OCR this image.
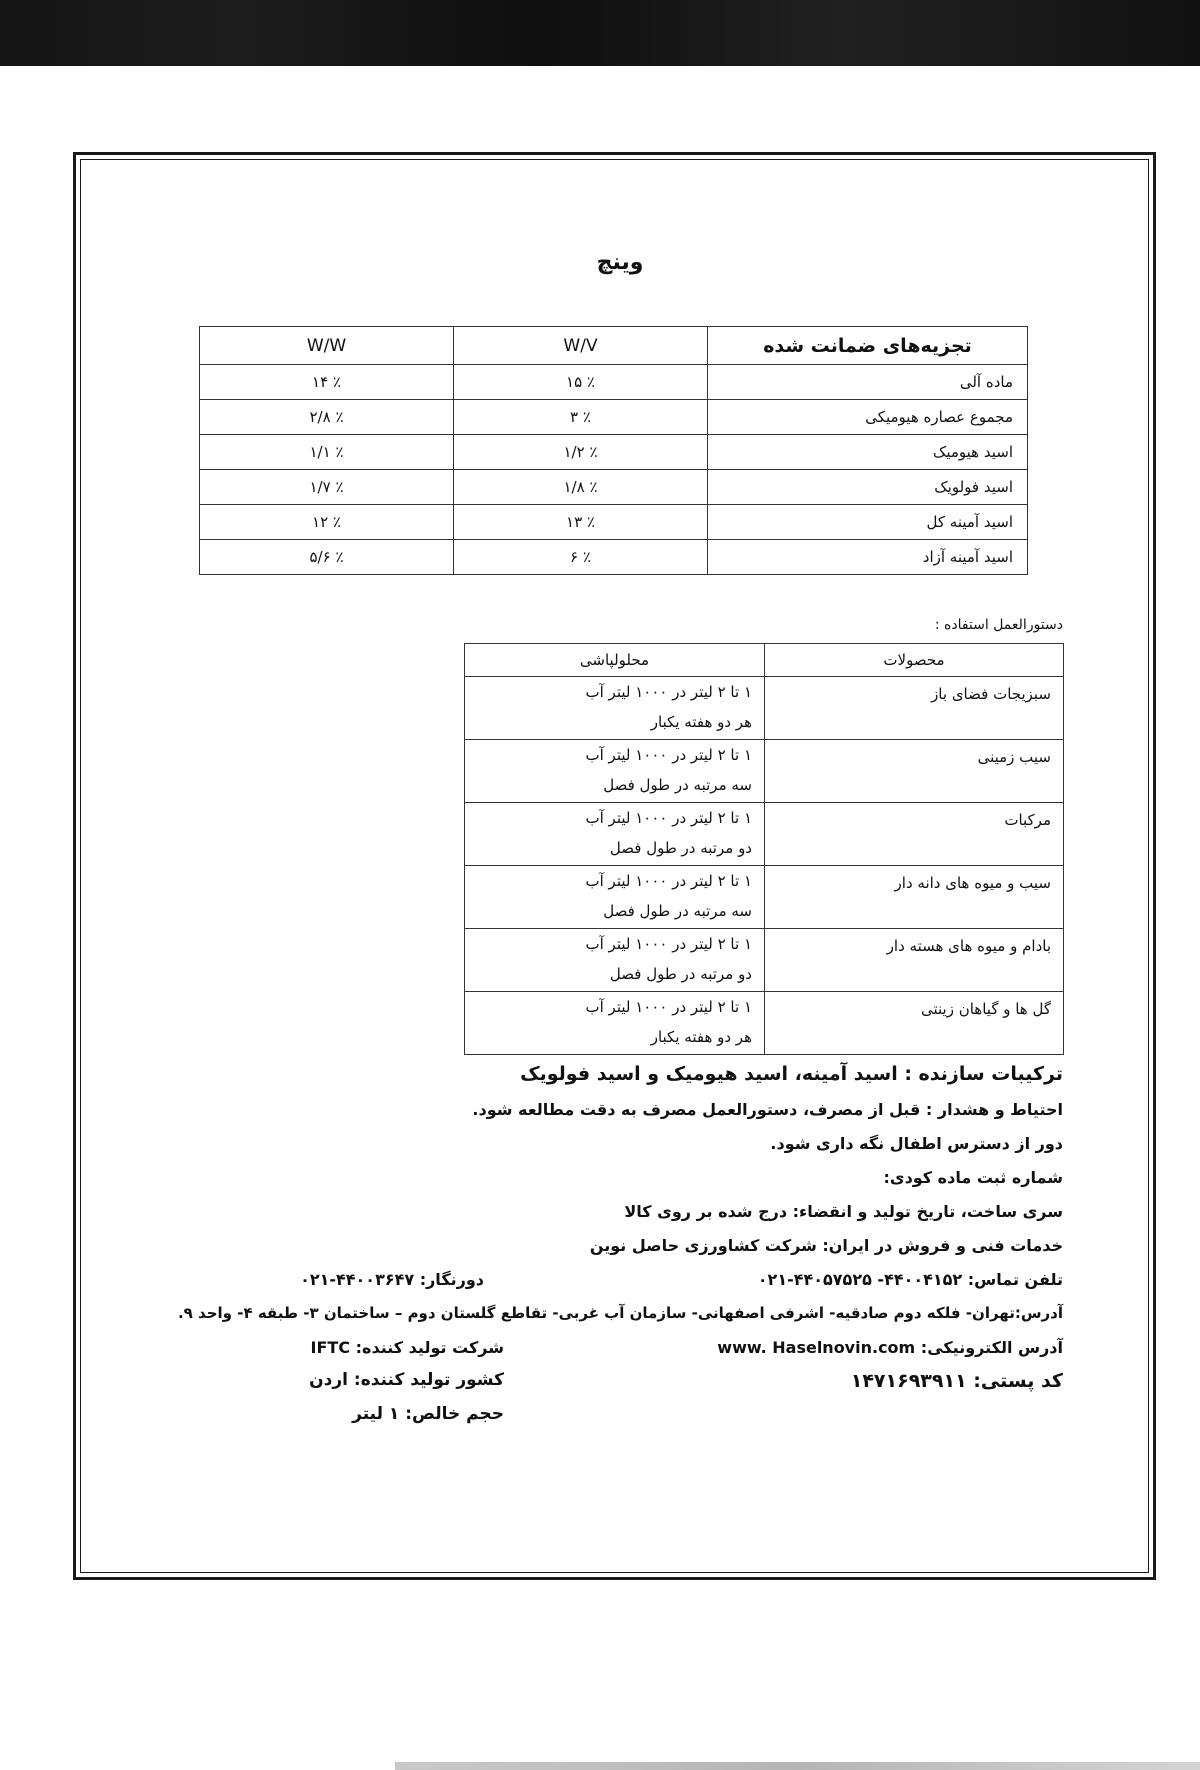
وینچ
تجزیه‌های ضمانت شده	W/V	W/W
ماده آلی	٪ ۱۵	٪ ۱۴
مجموع عصاره هیومیکی	٪ ۳	٪ ۲/۸
اسید هیومیک	٪ ۱/۲	٪ ۱/۱
اسید فولویک	٪ ۱/۸	٪ ۱/۷
اسید آمینه کل	٪ ۱۳	٪ ۱۲
اسید آمینه آزاد	٪ ۶	٪ ۵/۶
دستورالعمل استفاده :
محصولات	محلولپاشی

سبزیجات فضای باز	۱ تا ۲ لیتر در ۱۰۰۰ لیتر آب
هر دو هفته یکبار

سیب زمینی	۱ تا ۲ لیتر در ۱۰۰۰ لیتر آب
سه مرتبه در طول فصل

مرکبات	۱ تا ۲ لیتر در ۱۰۰۰ لیتر آب
دو مرتبه در طول فصل

سیب و میوه های دانه دار	۱ تا ۲ لیتر در ۱۰۰۰ لیتر آب
سه مرتبه در طول فصل

بادام و میوه های هسته دار	۱ تا ۲ لیتر در ۱۰۰۰ لیتر آب
دو مرتبه در طول فصل

گل ها و گیاهان زینتی	۱ تا ۲ لیتر در ۱۰۰۰ لیتر آب
هر دو هفته یکبار
ترکیبات سازنده : اسید آمینه، اسید هیومیک و اسید فولویک
احتیاط و هشدار : قبل از مصرف، دستورالعمل مصرف به دقت مطالعه شود.
دور از دسترس اطفال نگه داری شود.
شماره ثبت ماده کودی:
سری ساخت، تاریخ تولید و انقضاء: درج شده بر روی کالا
خدمات فنی و فروش در ایران: شرکت کشاورزی حاصل نوین
تلفن تماس: ۴۴۰۰۴۱۵۲- ۴۴۰۵۷۵۲۵-۰۲۱
دورنگار: ۴۴۰۰۳۶۴۷-۰۲۱
آدرس:تهران- فلکه دوم صادقیه- اشرفی اصفهانی- سازمان آب غربی- تقاطع گلستان دوم – ساختمان ۳- طبقه ۴- واحد ۹.
آدرس الکترونیکی: www. Haselnovin.com
شرکت تولید کننده: IFTC
کد پستی: ۱۴۷۱۶۹۳۹۱۱
کشور تولید کننده: اردن
حجم خالص: ۱ لیتر
